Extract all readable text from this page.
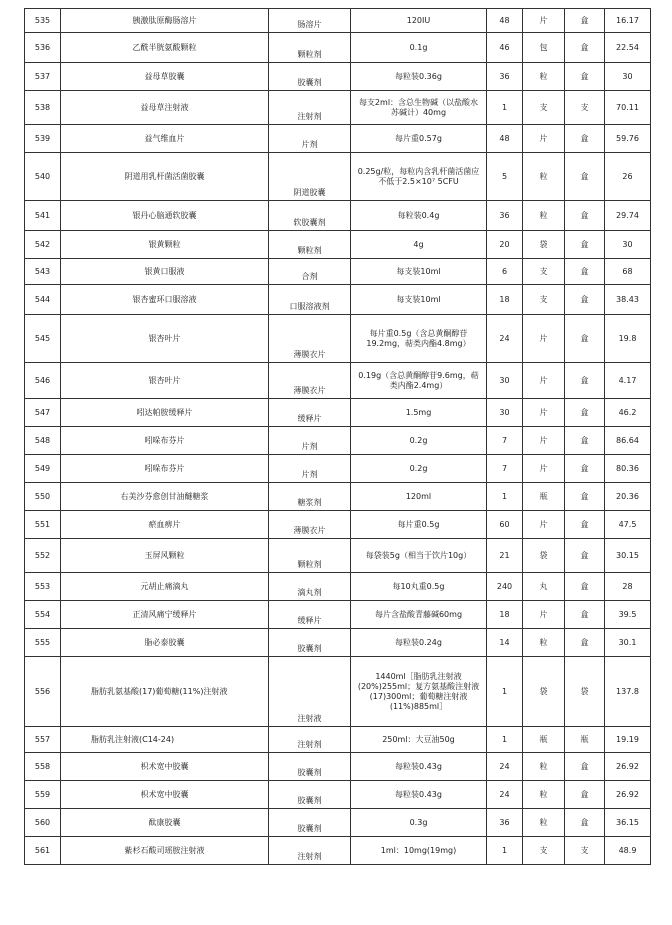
535	胰激肽原酶肠溶片	肠溶片	120IU	48	片	盒	16.17
536	乙酰半胱氨酸颗粒	颗粒剂	0.1g	46	包	盒	22.54
537	益母草胶囊	胶囊剂	每粒装0.36g	36	粒	盒	30
538	益母草注射液	注射剂	每支2ml：含总生物碱（以盐酸水苏碱计）40mg	1	支	支	70.11
539	益气维血片	片剂	每片重0.57g	48	片	盒	59.76
540	阴道用乳杆菌活菌胶囊	阴道胶囊	0.25g/粒，每粒内含乳杆菌活菌应不低于2.5×10⁷ 5CFU	5	粒	盒	26
541	银丹心脑通软胶囊	软胶囊剂	每粒装0.4g	36	粒	盒	29.74
542	银黄颗粒	颗粒剂	4g	20	袋	盒	30
543	银黄口服液	合剂	每支装10ml	6	支	盒	68
544	银杏蜜环口服溶液	口服溶液剂	每支装10ml	18	支	盒	38.43
545	银杏叶片	薄膜衣片	每片重0.5g（含总黄酮醇苷19.2mg，萜类内酯4.8mg）	24	片	盒	19.8
546	银杏叶片	薄膜衣片	0.19g（含总黄酮醇苷9.6mg，萜类内酯2.4mg）	30	片	盒	4.17
547	吲达帕胺缓释片	缓释片	1.5mg	30	片	盒	46.2
548	吲哚布芬片	片剂	0.2g	7	片	盒	86.64
549	吲哚布芬片	片剂	0.2g	7	片	盒	80.36
550	右美沙芬愈创甘油醚糖浆	糖浆剂	120ml	1	瓶	盒	20.36
551	瘀血痹片	薄膜衣片	每片重0.5g	60	片	盒	47.5
552	玉屏风颗粒	颗粒剂	每袋装5g（相当于饮片10g）	21	袋	盒	30.15
553	元胡止痛滴丸	滴丸剂	每10丸重0.5g	240	丸	盒	28
554	正清风痛宁缓释片	缓释片	每片含盐酸青藤碱60mg	18	片	盒	39.5
555	脂必泰胶囊	胶囊剂	每粒装0.24g	14	粒	盒	30.1
556	脂肪乳氨基酸(17)葡萄糖(11%)注射液	注射液	1440ml［脂肪乳注射液(20%)255ml；复方氨基酸注射液(17)300ml；葡萄糖注射液(11%)885ml］	1	袋	袋	137.8
557	脂肪乳注射液(C14-24)	注射剂	250ml：大豆油50g	1	瓶	瓶	19.19
558	枳术宽中胶囊	胶囊剂	每粒装0.43g	24	粒	盒	26.92
559	枳术宽中胶囊	胶囊剂	每粒装0.43g	24	粒	盒	26.92
560	酞康胶囊	胶囊剂	0.3g	36	粒	盒	36.15
561	紫杉石酸司瑶胺注射液	注射剂	1ml：10mg(19mg)	1	支	支	48.9
